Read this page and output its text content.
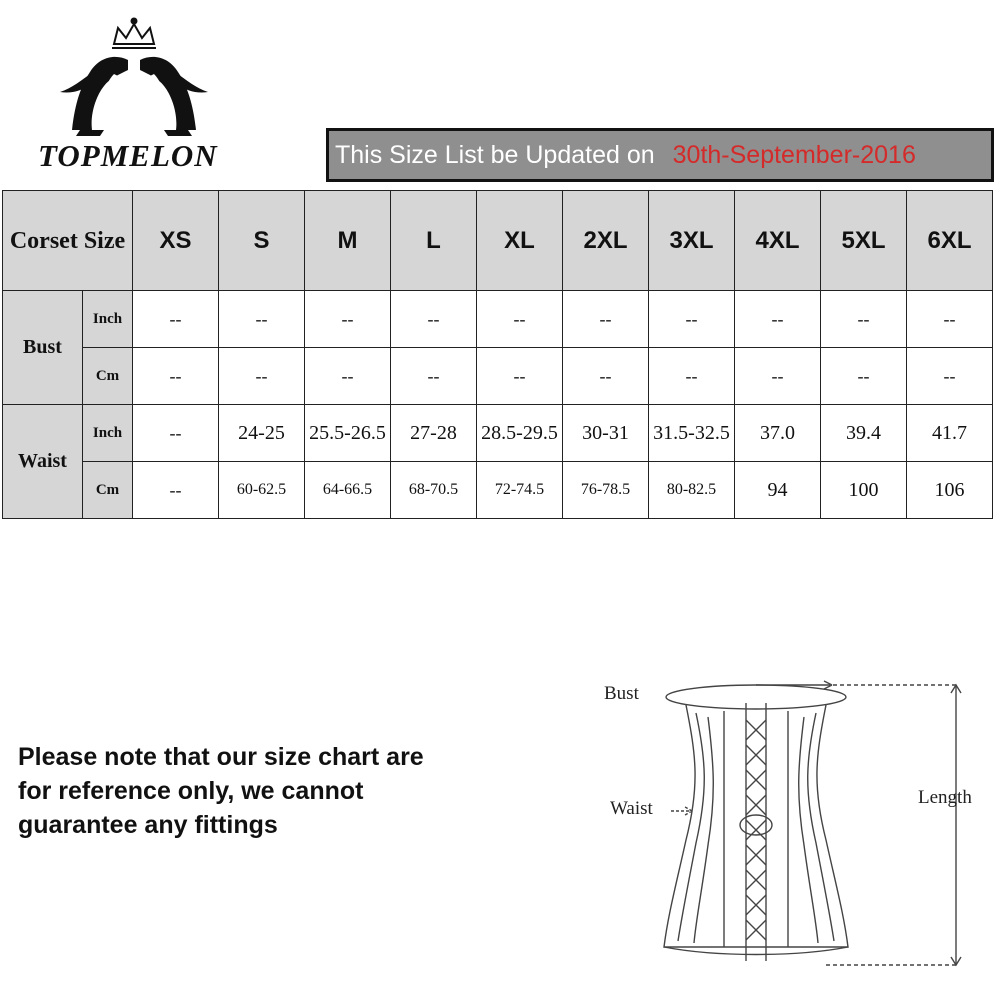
TOPMELON	This Size List be Updated on 30th-September-2016
Corset Size		XS	S	M	L	XL	2XL	3XL	4XL	5XL	6XL
Bust	Inch	--	--	--	--	--	--	--	--	--	--
	Cm	--	--	--	--	--	--	--	--	--	--
Waist	Inch	--	24-25	25.5-26.5	27-28	28.5-29.5	30-31	31.5-32.5	37.0	39.4	41.7
	Cm	--	60-62.5	64-66.5	68-70.5	72-74.5	76-78.5	80-82.5	94	100	106
Please note that our size chart are for reference only, we cannot guarantee any fittings
Bust
Waist
Length
